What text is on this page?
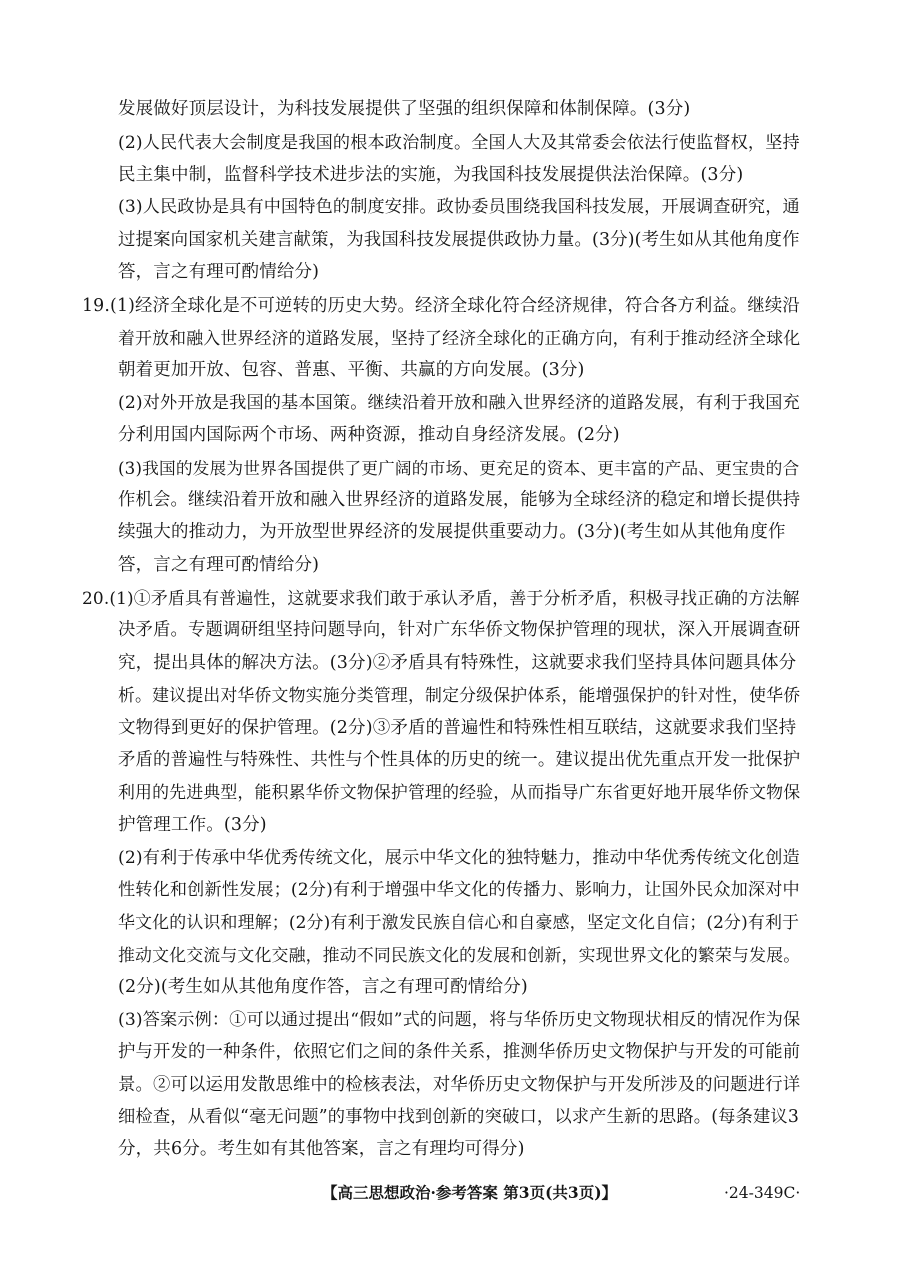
发展做好顶层设计，为科技发展提供了坚强的组织保障和体制保障。(3分)
(2)人民代表大会制度是我国的根本政治制度。全国人大及其常委会依法行使监督权，坚持
民主集中制，监督科学技术进步法的实施，为我国科技发展提供法治保障。(3分)
(3)人民政协是具有中国特色的制度安排。政协委员围绕我国科技发展，开展调查研究，通
过提案向国家机关建言献策，为我国科技发展提供政协力量。(3分)(考生如从其他角度作
答，言之有理可酌情给分)
19.(1)经济全球化是不可逆转的历史大势。经济全球化符合经济规律，符合各方利益。继续沿
着开放和融入世界经济的道路发展，坚持了经济全球化的正确方向，有利于推动经济全球化
朝着更加开放、包容、普惠、平衡、共赢的方向发展。(3分)
(2)对外开放是我国的基本国策。继续沿着开放和融入世界经济的道路发展，有利于我国充
分利用国内国际两个市场、两种资源，推动自身经济发展。(2分)
(3)我国的发展为世界各国提供了更广阔的市场、更充足的资本、更丰富的产品、更宝贵的合
作机会。继续沿着开放和融入世界经济的道路发展，能够为全球经济的稳定和增长提供持
续强大的推动力，为开放型世界经济的发展提供重要动力。(3分)(考生如从其他角度作
答，言之有理可酌情给分)
20.(1)①矛盾具有普遍性，这就要求我们敢于承认矛盾，善于分析矛盾，积极寻找正确的方法解
决矛盾。专题调研组坚持问题导向，针对广东华侨文物保护管理的现状，深入开展调查研
究，提出具体的解决方法。(3分)②矛盾具有特殊性，这就要求我们坚持具体问题具体分
析。建议提出对华侨文物实施分类管理，制定分级保护体系，能增强保护的针对性，使华侨
文物得到更好的保护管理。(2分)③矛盾的普遍性和特殊性相互联结，这就要求我们坚持
矛盾的普遍性与特殊性、共性与个性具体的历史的统一。建议提出优先重点开发一批保护
利用的先进典型，能积累华侨文物保护管理的经验，从而指导广东省更好地开展华侨文物保
护管理工作。(3分)
(2)有利于传承中华优秀传统文化，展示中华文化的独特魅力，推动中华优秀传统文化创造
性转化和创新性发展；(2分)有利于增强中华文化的传播力、影响力，让国外民众加深对中
华文化的认识和理解；(2分)有利于激发民族自信心和自豪感，坚定文化自信；(2分)有利于
推动文化交流与文化交融，推动不同民族文化的发展和创新，实现世界文化的繁荣与发展。
(2分)(考生如从其他角度作答，言之有理可酌情给分)
(3)答案示例：①可以通过提出“假如”式的问题，将与华侨历史文物现状相反的情况作为保
护与开发的一种条件，依照它们之间的条件关系，推测华侨历史文物保护与开发的可能前
景。②可以运用发散思维中的检核表法，对华侨历史文物保护与开发所涉及的问题进行详
细检查，从看似“毫无问题”的事物中找到创新的突破口，以求产生新的思路。(每条建议3
分，共6分。考生如有其他答案，言之有理均可得分)
【高三思想政治·参考答案 第3页(共3页)】	·24-349C·
